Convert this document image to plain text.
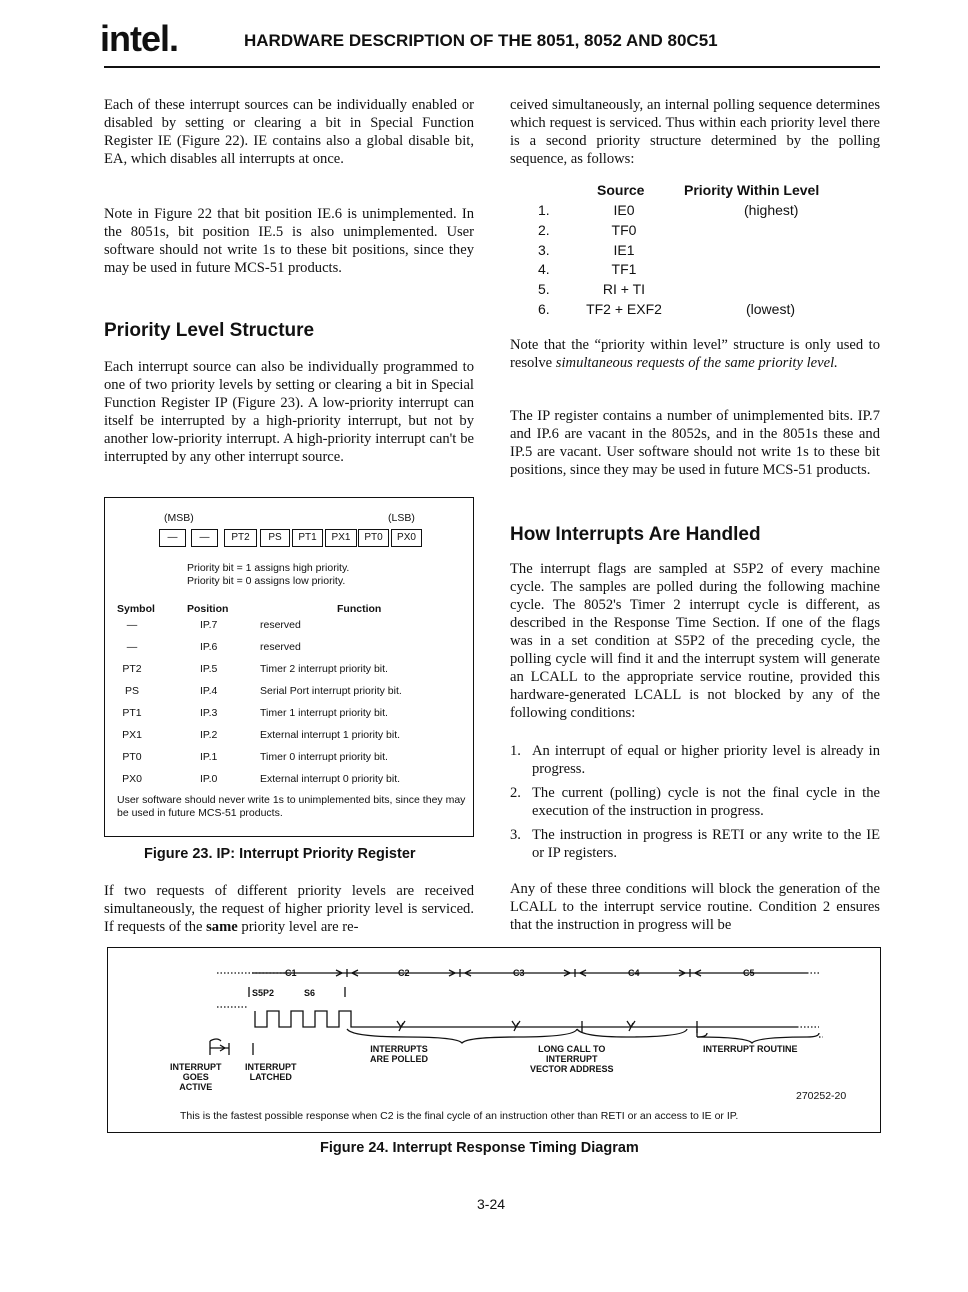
intel.	HARDWARE DESCRIPTION OF THE 8051, 8052 AND 80C51

Each of these interrupt sources can be individually enabled or disabled by setting or clearing a bit in Special Function Register IE (Figure 22). IE contains also a global disable bit, EA, which disables all interrupts at once.

Note in Figure 22 that bit position IE.6 is unimplemented. In the 8051s, bit position IE.5 is also unimplemented. User software should not write 1s to these bit positions, since they may be used in future MCS-51 products.

Priority Level Structure

Each interrupt source can also be individually programmed to one of two priority levels by setting or clearing a bit in Special Function Register IP (Figure 23). A low-priority interrupt can itself be interrupted by a high-priority interrupt, but not by another low-priority interrupt. A high-priority interrupt can't be interrupted by any other interrupt source.

(MSB)	(LSB)
—	—	PT2	PS	PT1	PX1	PT0	PX0
Priority bit = 1 assigns high priority.
Priority bit = 0 assigns low priority.
Symbol	Position	Function
—	IP.7	reserved
—	IP.6	reserved
PT2	IP.5	Timer 2 interrupt priority bit.
PS	IP.4	Serial Port interrupt priority bit.
PT1	IP.3	Timer 1 interrupt priority bit.
PX1	IP.2	External interrupt 1 priority bit.
PT0	IP.1	Timer 0 interrupt priority bit.
PX0	IP.0	External interrupt 0 priority bit.
User software should never write 1s to unimplemented bits, since they may be used in future MCS-51 products.
Figure 23. IP: Interrupt Priority Register

If two requests of different priority levels are received simultaneously, the request of higher priority level is serviced. If requests of the same priority level are re-

ceived simultaneously, an internal polling sequence determines which request is serviced. Thus within each priority level there is a second priority structure determined by the polling sequence, as follows:

Source	Priority Within Level
1.	IE0	(highest)
2.	TF0
3.	IE1
4.	TF1
5.	RI + TI
6.	TF2 + EXF2	(lowest)

Note that the “priority within level” structure is only used to resolve simultaneous requests of the same priority level.

The IP register contains a number of unimplemented bits. IP.7 and IP.6 are vacant in the 8052s, and in the 8051s these and IP.5 are vacant. User software should not write 1s to these bit positions, since they may be used in future MCS-51 products.

How Interrupts Are Handled

The interrupt flags are sampled at S5P2 of every machine cycle. The samples are polled during the following machine cycle. The 8052's Timer 2 interrupt cycle is different, as described in the Response Time Section. If one of the flags was in a set condition at S5P2 of the preceding cycle, the polling cycle will find it and the interrupt system will generate an LCALL to the appropriate service routine, provided this hardware-generated LCALL is not blocked by any of the following conditions:

1. An interrupt of equal or higher priority level is already in progress.
2. The current (polling) cycle is not the final cycle in the execution of the instruction in progress.
3. The instruction in progress is RETI or any write to the IE or IP registers.

Any of these three conditions will block the generation of the LCALL to the interrupt service routine. Condition 2 ensures that the instruction in progress will be

C1	C2	C3	C4	C5
S5P2	S6
INTERRUPT
GOES
ACTIVE
INTERRUPT
LATCHED
INTERRUPTS
ARE POLLED
LONG CALL TO
INTERRUPT
VECTOR ADDRESS
INTERRUPT ROUTINE
270252-20
This is the fastest possible response when C2 is the final cycle of an instruction other than RETI or an access to IE or IP.
Figure 24. Interrupt Response Timing Diagram
3-24
